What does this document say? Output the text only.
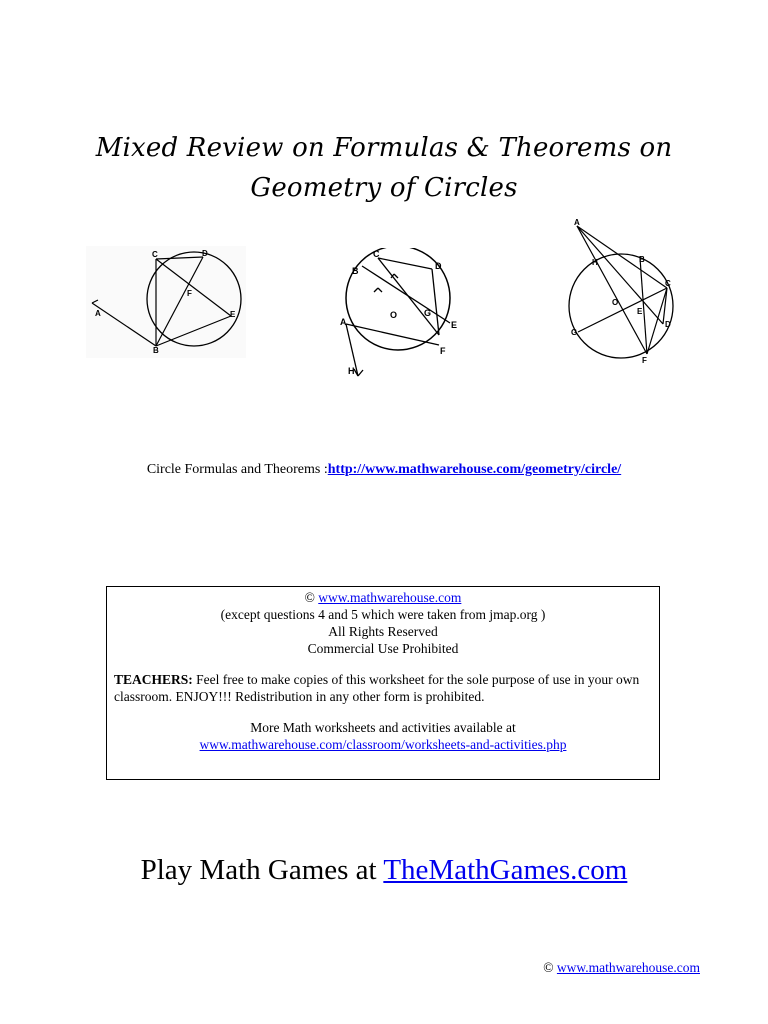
Mixed Review on Formulas & Theorems on
Geometry of Circles
C	D
F
A	E
B
C
D
B
A
O	G
E
F
H
A
H	B
C
O
E
D
G
F
Circle Formulas and Theorems :http://www.mathwarehouse.com/geometry/circle/
© www.mathwarehouse.com
(except questions 4 and 5 which were taken from jmap.org )
All Rights Reserved
Commercial Use Prohibited
TEACHERS: Feel free to make copies of this worksheet for the sole purpose of use in your own classroom. ENJOY!!! Redistribution in any other form is prohibited.
More Math worksheets and activities available at
www.mathwarehouse.com/classroom/worksheets-and-activities.php
Play Math Games at TheMathGames.com
© www.mathwarehouse.com
